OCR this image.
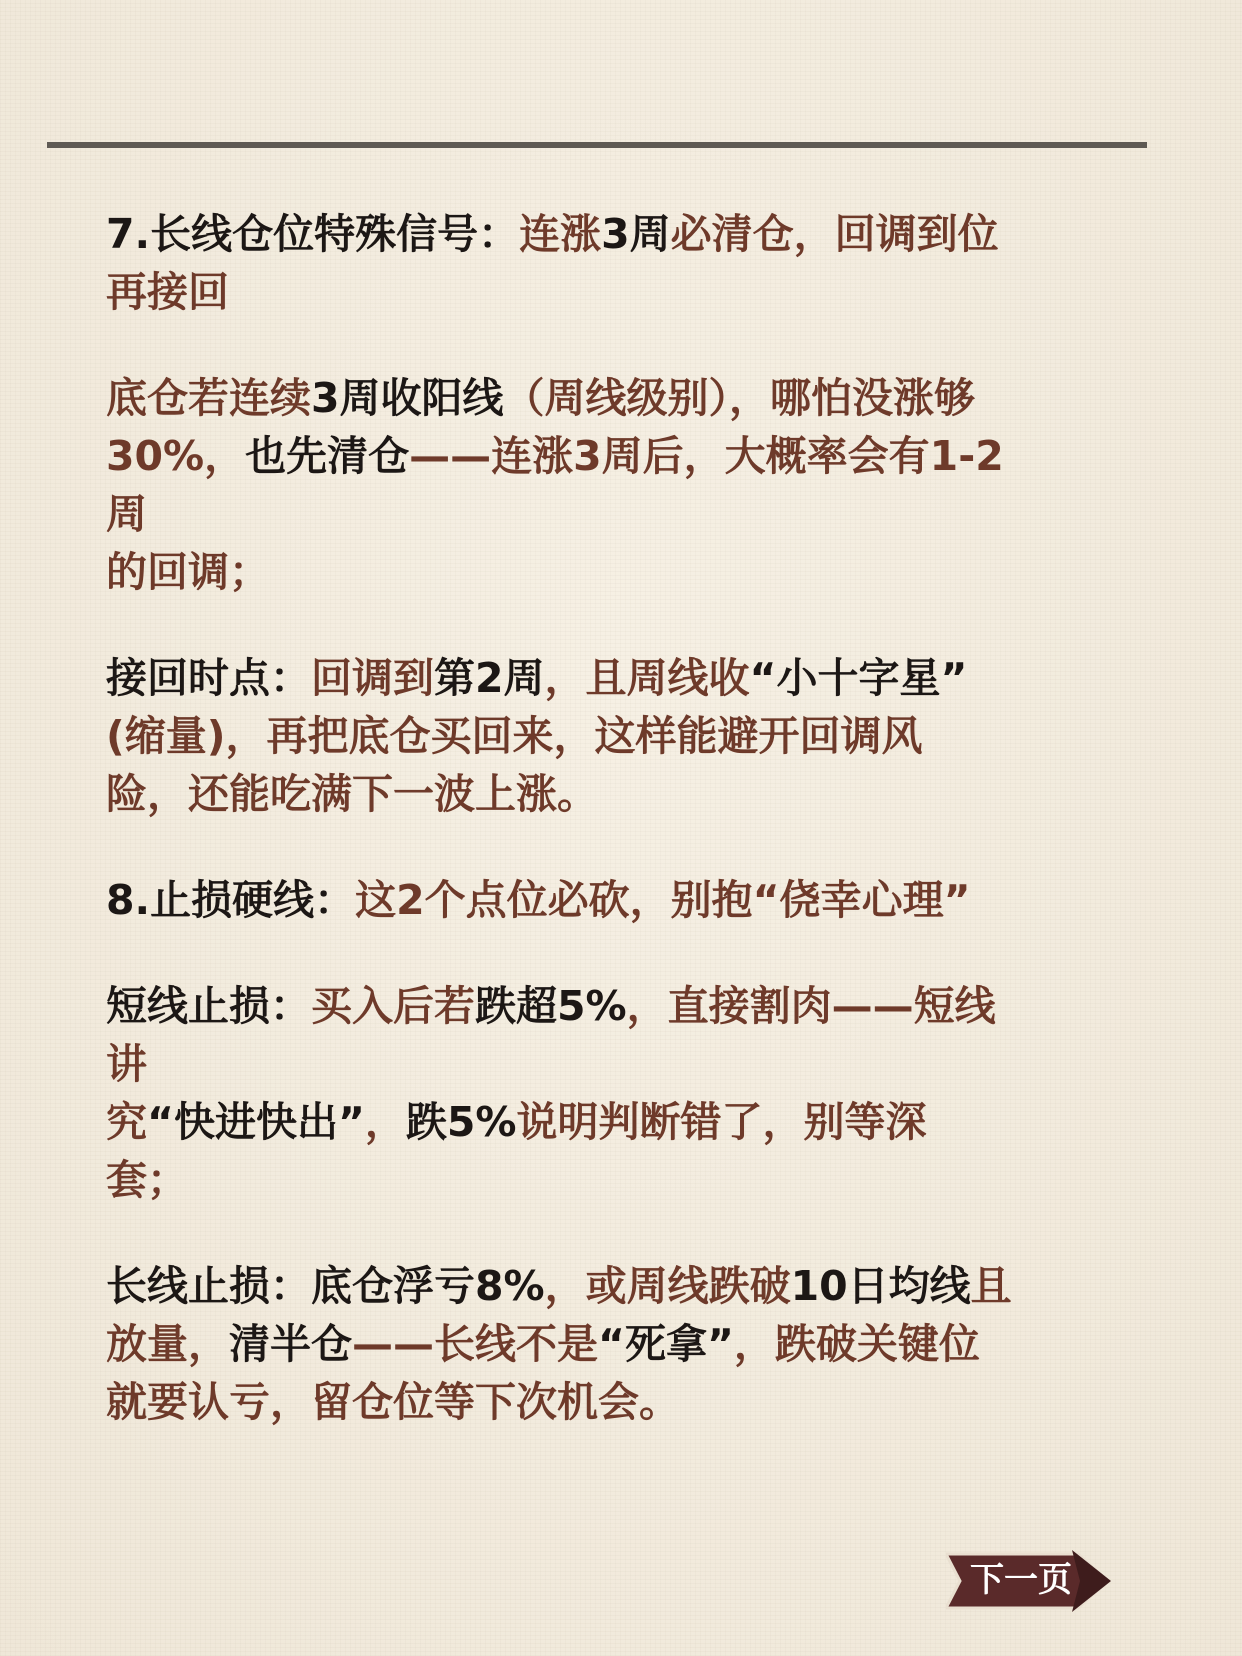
7.长线仓位特殊信号：连涨3周必清仓，回调到位
再接回
底仓若连续3周收阳线（周线级别），哪怕没涨够
30%，也先清仓——连涨3周后，大概率会有1-2
周
的回调；
接回时点：回调到第2周，且周线收“小十字星”
(缩量)，再把底仓买回来，这样能避开回调风
险，还能吃满下一波上涨。
8.止损硬线：这2个点位必砍，别抱“侥幸心理”
短线止损：买入后若跌超5%，直接割肉——短线
讲
究“快进快出”，跌5%说明判断错了，别等深
套；
长线止损：底仓浮亏8%，或周线跌破10日均线且
放量，清半仓——长线不是“死拿”，跌破关键位
就要认亏，留仓位等下次机会。
下一页
